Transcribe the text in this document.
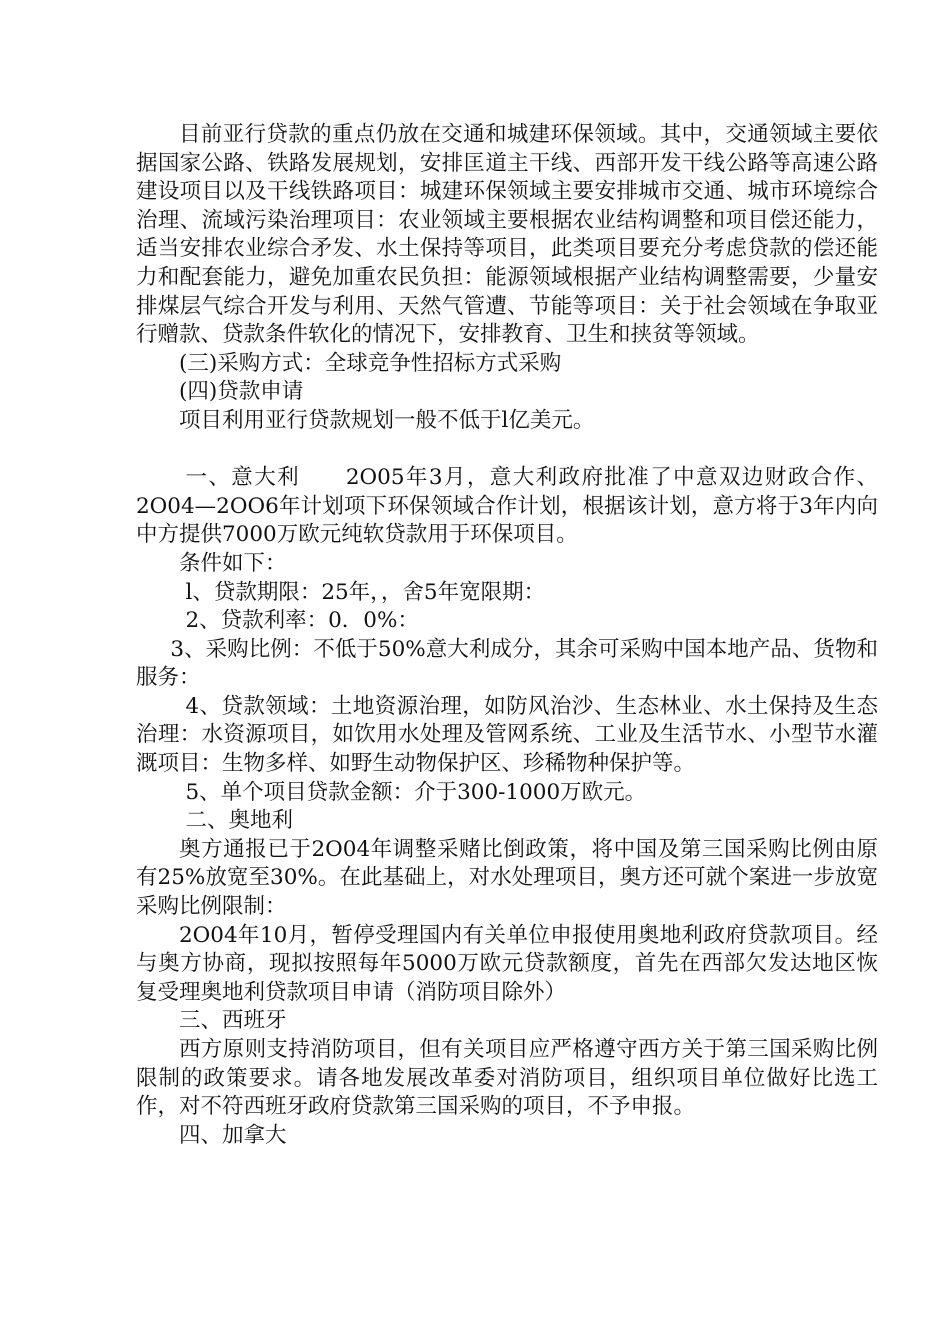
目前亚行贷款的重点仍放在交通和城建环保领域。其中，交通领域主要依据国家公路、铁路发展规划，安排匡道主干线、西部开发干线公路等高速公路建设项目以及干线铁路项目：城建环保领域主要安排城市交通、城市环境综合治理、流域污染治理项目：农业领域主要根据农业结构调整和项目偿还能力，适当安排农业综合矛发、水土保持等项目，此类项目要充分考虑贷款的偿还能力和配套能力，避免加重农民负担：能源领域根据产业结构调整需要，少量安排煤层气综合开发与利用、天然气管遭、节能等项目：关于社会领域在争取亚行赠款、贷款条件软化的情况下，安排教育、卫生和挟贫等领域。

(三)采购方式：全球竞争性招标方式采购

(四)贷款申请

项目利用亚行贷款规划一般不低于l亿美元。

一、意大利　　2O05年3月，意大利政府批准了中意双边财政合作、2O04—2OO6年计划项下环保领域合作计划，根据该计划，意方将于3年内向中方提供7000万欧元纯软贷款用于环保项目。

条件如下：

l、贷款期限：25年，，舍5年宽限期：

2、贷款利率：0．0%：

3、采购比例：不低于50%意大利成分，其余可采购中国本地产品、货物和服务：

4、贷款领域：土地资源治理，如防风治沙、生态林业、水土保持及生态治理：水资源项目，如饮用水处理及管网系统、工业及生活节水、小型节水灌溉项目：生物多样、如野生动物保护区、珍稀物种保护等。

5、单个项目贷款金额：介于300-1000万欧元。

二、奥地利

奥方通报已于2O04年调整采赌比倒政策，将中国及第三国采购比例由原有25%放宽至30%。在此基础上，对水处理项目，奥方还可就个案进一步放宽采购比例限制：

2O04年10月，暂停受理国内有关单位申报使用奥地利政府贷款项目。经与奥方协商，现拟按照每年5000万欧元贷款额度，首先在西部欠发达地区恢复受理奥地利贷款项目申请（消防项目除外）

三、西班牙

西方原则支持消防项目，但有关项目应严格遵守西方关于第三国采购比例限制的政策要求。请各地发展改革委对消防项目，组织项目单位做好比选工作，对不符西班牙政府贷款第三国采购的项目，不予申报。

四、加拿大
